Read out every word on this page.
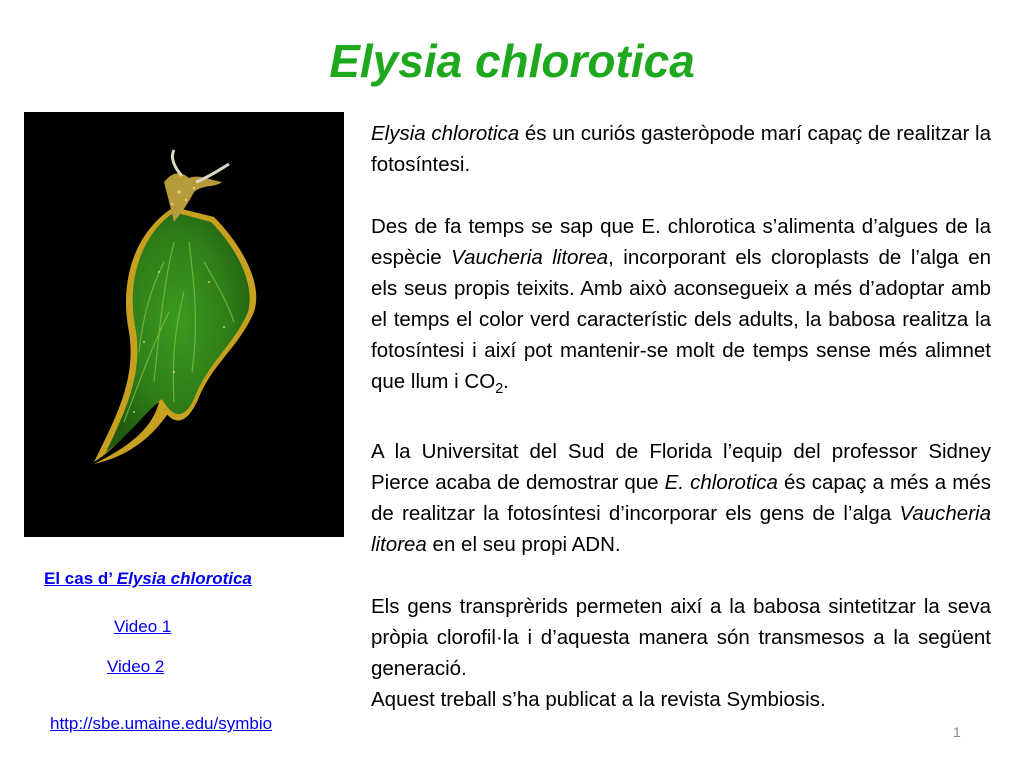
Elysia chlorotica

Elysia chlorotica és un curiós gasteròpode marí capaç de realitzar la fotosíntesi.

Des de fa temps se sap que E. chlorotica s’alimenta d’algues de la espècie Vaucheria litorea, incorporant els cloroplasts de l’alga en els seus propis teixits. Amb això aconsegueix a més d’adoptar amb el temps el color verd característic dels adults, la babosa realitza la fotosíntesi i així pot mantenir-se molt de temps sense més alimnet que llum i $CO_2$.

A la Universitat del Sud de Florida l’equip del professor Sidney Pierce acaba de demostrar que E. chlorotica és capaç a més a més de realitzar la fotosíntesi d’incorporar els gens de l’alga Vaucheria litorea en el seu propi ADN.

Els gens transprèrids permeten així a la babosa sintetitzar la seva pròpia clorofil·la i d’aquesta manera són transmesos a la següent generació.

Aquest treball s’ha publicat a la revista Symbiosis.

El cas d’ Elysia chlorotica
Video 1
Video 2
http://sbe.umaine.edu/symbio	1
